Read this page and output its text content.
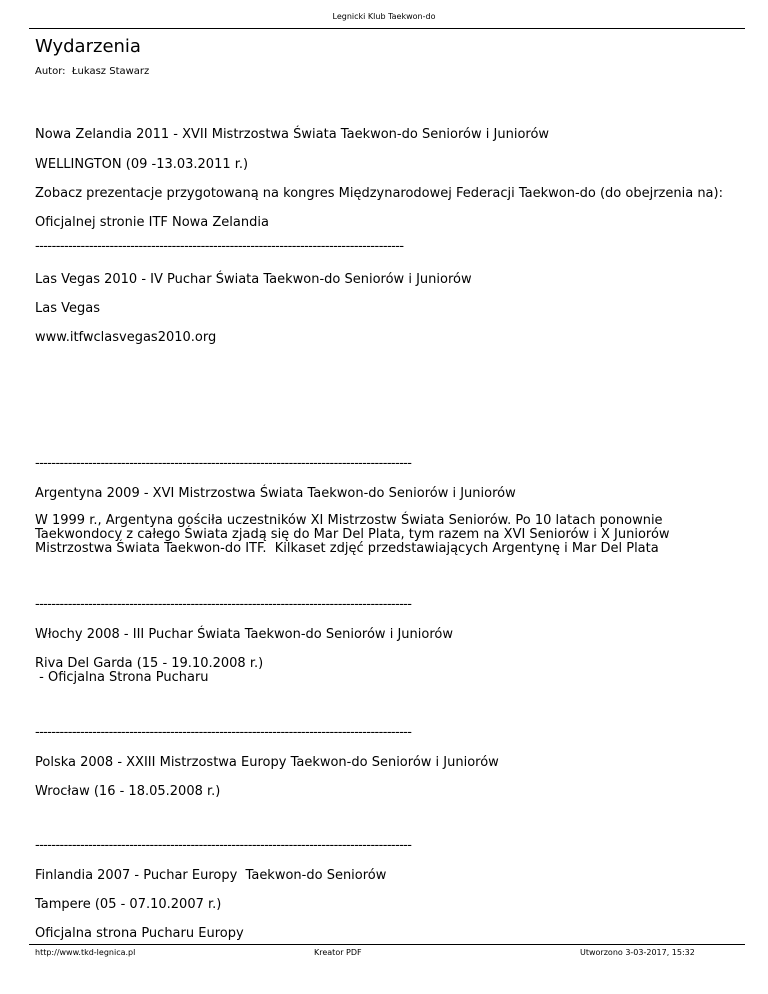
Legnicki Klub Taekwon-do
Wydarzenia
Autor:  Łukasz Stawarz
Nowa Zelandia 2011 - XVII Mistrzostwa Świata Taekwon-do Seniorów i Juniorów
WELLINGTON (09 -13.03.2011 r.)
Zobacz prezentacje przygotowaną na kongres Międzynarodowej Federacji Taekwon-do (do obejrzenia na):
Oficjalnej stronie ITF Nowa Zelandia
-----------------------------------------------------------------------------------------
Las Vegas 2010 - IV Puchar Świata Taekwon-do Seniorów i Juniorów
Las Vegas
www.itfwclasvegas2010.org
--------------------------------------------------------------------------------------------
Argentyna 2009 - XVI Mistrzostwa Świata Taekwon-do Seniorów i Juniorów
W 1999 r., Argentyna gościła uczestników XI Mistrzostw Świata Seniorów. Po 10 latach ponownie
Taekwondocy z całego Świata zjadą się do Mar Del Plata, tym razem na XVI Seniorów i X Juniorów
Mistrzostwa Świata Taekwon-do ITF.  Kilkaset zdjęć przedstawiających Argentynę i Mar Del Plata
--------------------------------------------------------------------------------------------
Włochy 2008 - III Puchar Świata Taekwon-do Seniorów i Juniorów
Riva Del Garda (15 - 19.10.2008 r.)
- Oficjalna Strona Pucharu
--------------------------------------------------------------------------------------------
Polska 2008 - XXIII Mistrzostwa Europy Taekwon-do Seniorów i Juniorów
Wrocław (16 - 18.05.2008 r.)
--------------------------------------------------------------------------------------------
Finlandia 2007 - Puchar Europy  Taekwon-do Seniorów
Tampere (05 - 07.10.2007 r.)
Oficjalna strona Pucharu Europy
http://www.tkd-legnica.pl	Kreator PDF	Utworzono 3-03-2017, 15:32
